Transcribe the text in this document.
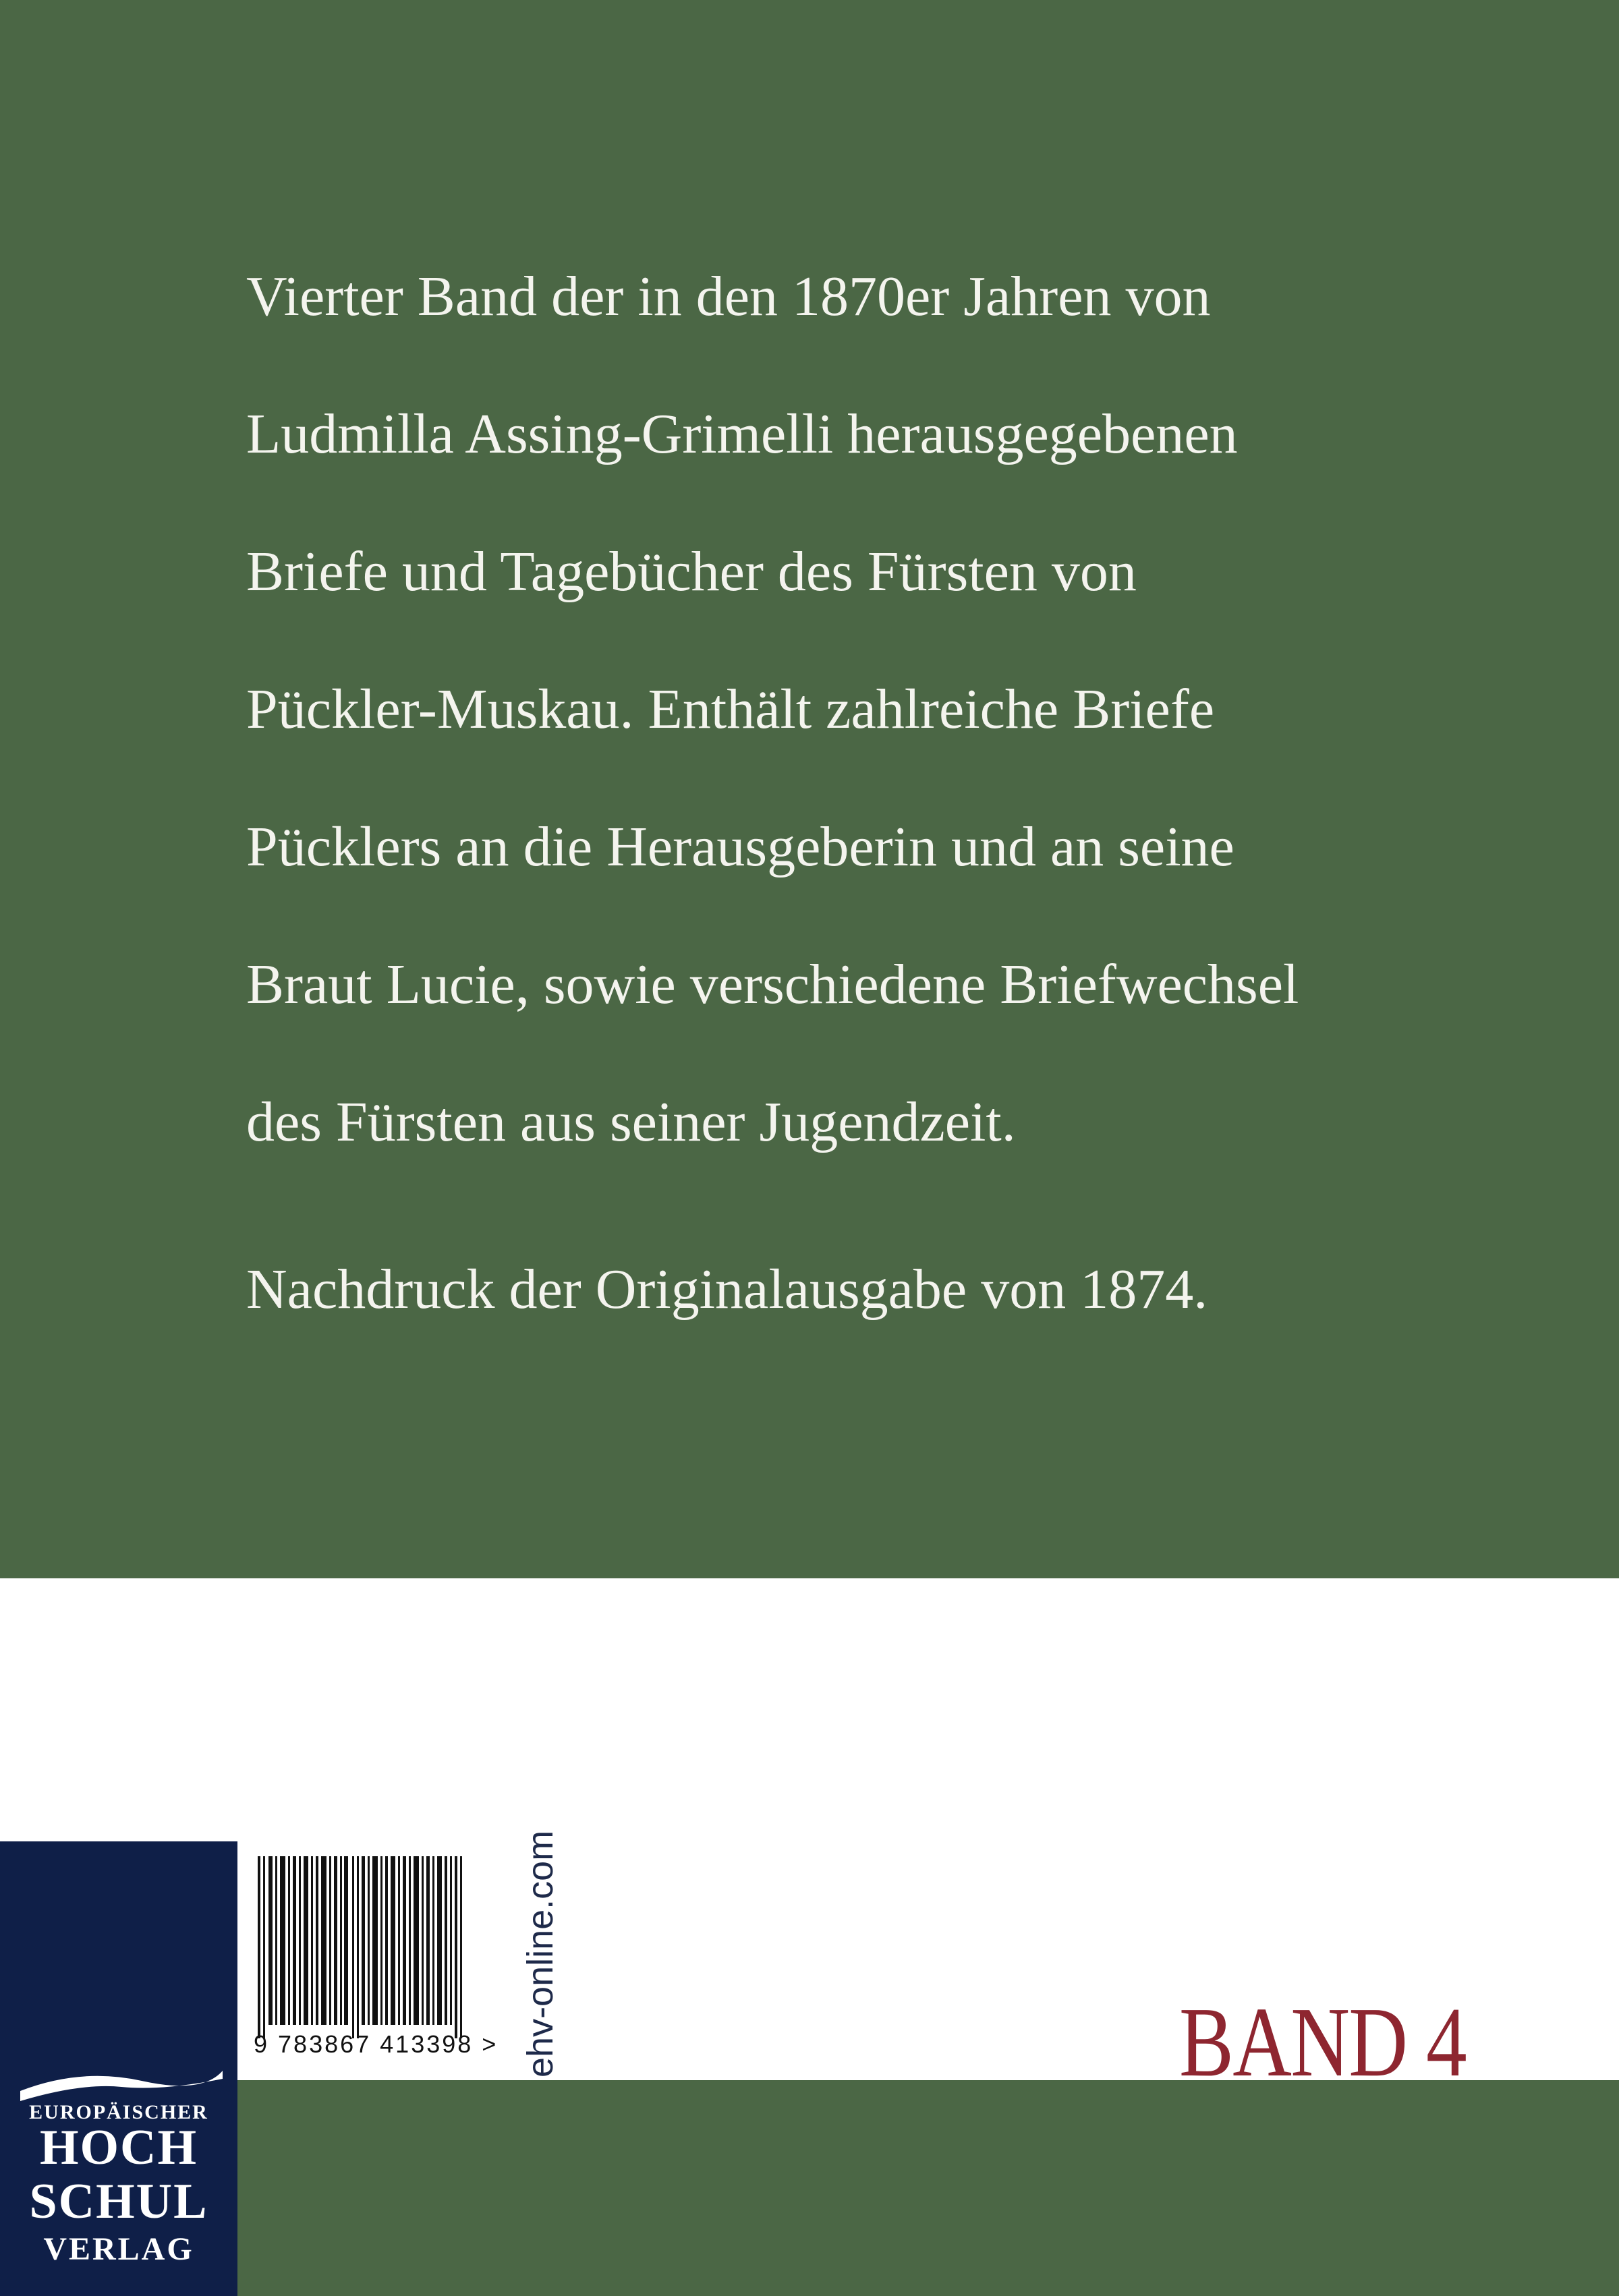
Vierter Band der in den 1870er Jahren von
Ludmilla Assing-Grimelli herausgegebenen
Briefe und Tagebücher des Fürsten von
Pückler-Muskau. Enthält zahlreiche Briefe
Pücklers an die Herausgeberin und an seine
Braut Lucie, sowie verschiedene Briefwechsel
des Fürsten aus seiner Jugendzeit.
Nachdruck der Originalausgabe von 1874.
BAND 4
EUROPÄISCHER
HOCH
SCHUL
VERLAG
9 783867 413398 > ehv-online.com
